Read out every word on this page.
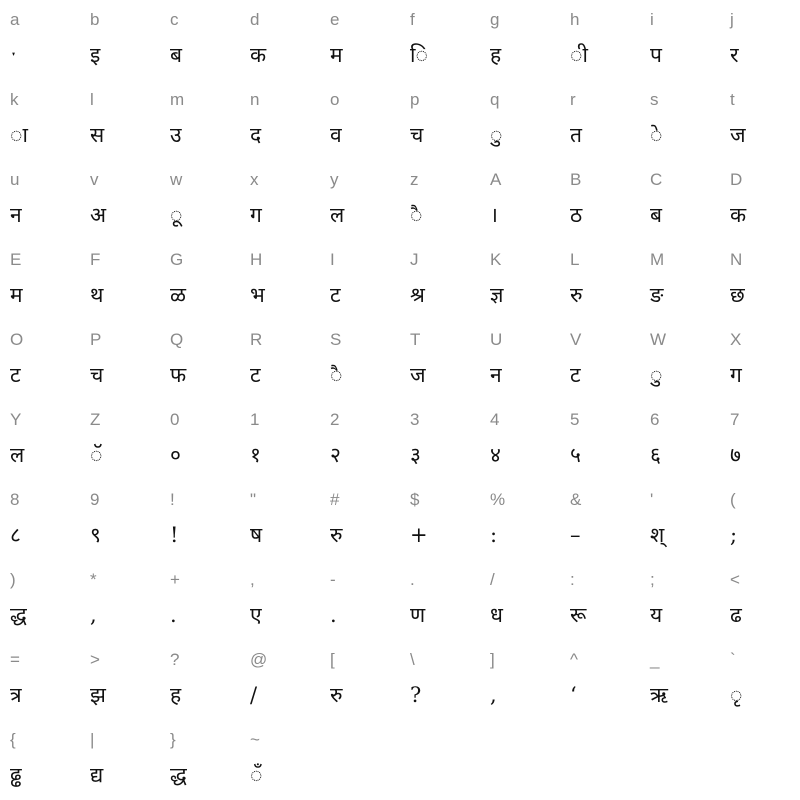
a
ˑ
b
इ
c
ब
d
क
e
म
f
ि
g
ह
h
ी
i
प
j
र
k
ा
l
स
m
उ
n
द
o
व
p
च
q
ु
r
त
s
े
t
ज
u
न
v
अ
w
ू
x
ग
y
ल
z
ै
A
।
B
ठ
C
ब
D
क
E
म
F
थ
G
ळ
H
भ
I
ट
J
श्र
K
ज्ञ
L
रु
M
ङ
N
छ
O
ट
P
च
Q
फ
R
ट
S
ै
T
ज
U
न
V
ट
W
ु
X
ग
Y
ल
Z
ॅ
0
०
1
१
2
२
3
३
4
४
5
५
6
६
7
७
8
८
9
९
!
!
"
ष
#
रु
$
+
%
:
&
–
'
श्
(
;
)
द्ध
*
,
+
.
,
ए
-
.
.
ण
/
ध
:
रू
;
य
<
ढ
=
त्र
>
झ
?
ह
@
/
[
रु
\
?
]
,
^
‘
_
ऋ
`
ृ
{
ढ्ढ
|
द्य
}
द्ध
~
ँ
